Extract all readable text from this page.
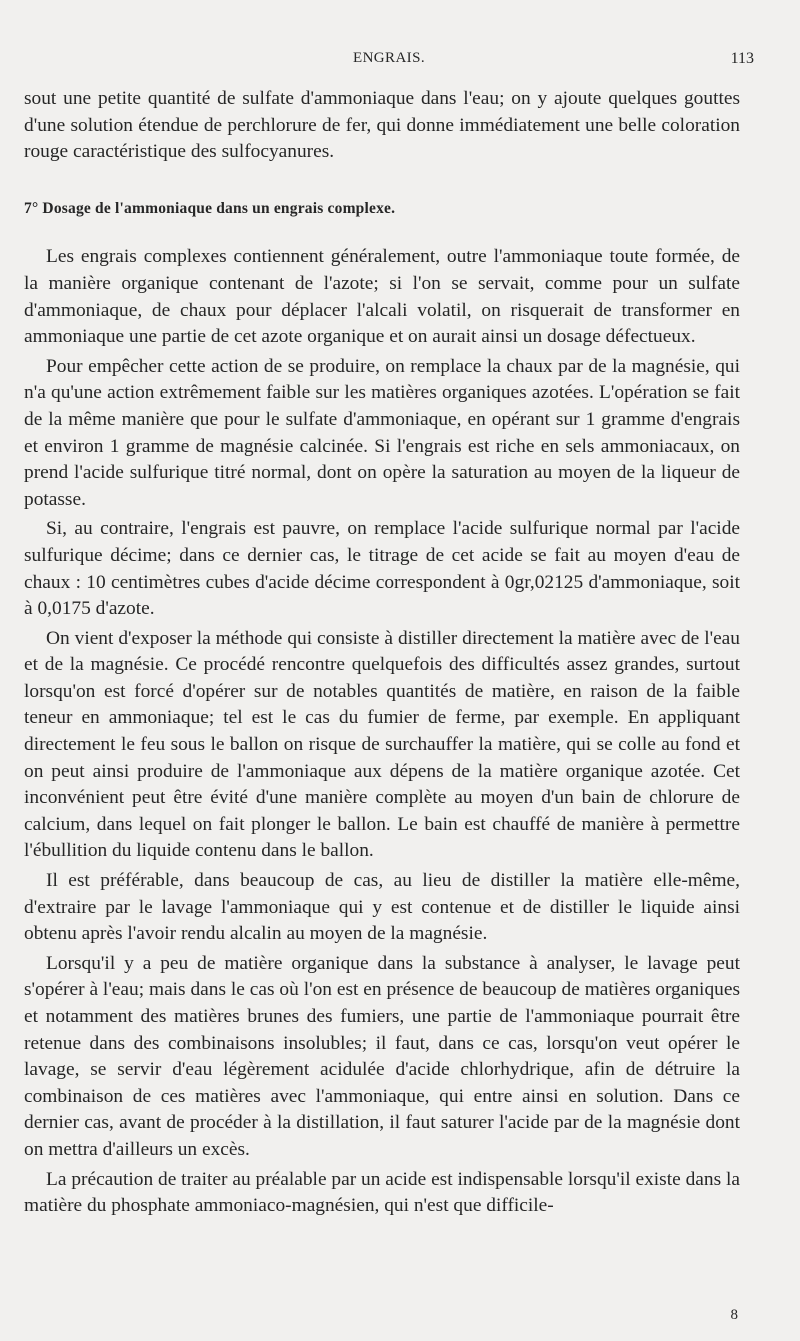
ENGRAIS.	113

sout une petite quantité de sulfate d'ammoniaque dans l'eau; on y ajoute quelques gouttes d'une solution étendue de perchlorure de fer, qui donne immédiatement une belle coloration rouge caractéristique des sulfocyanures.

7° Dosage de l'ammoniaque dans un engrais complexe.

Les engrais complexes contiennent généralement, outre l'ammoniaque toute formée, de la manière organique contenant de l'azote; si l'on se servait, comme pour un sulfate d'ammoniaque, de chaux pour déplacer l'alcali volatil, on risquerait de transformer en ammoniaque une partie de cet azote organique et on aurait ainsi un dosage défectueux.

Pour empêcher cette action de se produire, on remplace la chaux par de la magnésie, qui n'a qu'une action extrêmement faible sur les matières organiques azotées. L'opération se fait de la même manière que pour le sulfate d'ammoniaque, en opérant sur 1 gramme d'engrais et environ 1 gramme de magnésie calcinée. Si l'engrais est riche en sels ammoniacaux, on prend l'acide sulfurique titré normal, dont on opère la saturation au moyen de la liqueur de potasse.

Si, au contraire, l'engrais est pauvre, on remplace l'acide sulfurique normal par l'acide sulfurique décime; dans ce dernier cas, le titrage de cet acide se fait au moyen d'eau de chaux : 10 centimètres cubes d'acide décime correspondent à 0gr,02125 d'ammoniaque, soit à 0,0175 d'azote.

On vient d'exposer la méthode qui consiste à distiller directement la matière avec de l'eau et de la magnésie. Ce procédé rencontre quelquefois des difficultés assez grandes, surtout lorsqu'on est forcé d'opérer sur de notables quantités de matière, en raison de la faible teneur en ammoniaque; tel est le cas du fumier de ferme, par exemple. En appliquant directement le feu sous le ballon on risque de surchauffer la matière, qui se colle au fond et on peut ainsi produire de l'ammoniaque aux dépens de la matière organique azotée. Cet inconvénient peut être évité d'une manière complète au moyen d'un bain de chlorure de calcium, dans lequel on fait plonger le ballon. Le bain est chauffé de manière à permettre l'ébullition du liquide contenu dans le ballon.

Il est préférable, dans beaucoup de cas, au lieu de distiller la matière elle-même, d'extraire par le lavage l'ammoniaque qui y est contenue et de distiller le liquide ainsi obtenu après l'avoir rendu alcalin au moyen de la magnésie.

Lorsqu'il y a peu de matière organique dans la substance à analyser, le lavage peut s'opérer à l'eau; mais dans le cas où l'on est en présence de beaucoup de matières organiques et notamment des matières brunes des fumiers, une partie de l'ammoniaque pourrait être retenue dans des combinaisons insolubles; il faut, dans ce cas, lorsqu'on veut opérer le lavage, se servir d'eau légèrement acidulée d'acide chlorhydrique, afin de détruire la combinaison de ces matières avec l'ammoniaque, qui entre ainsi en solution. Dans ce dernier cas, avant de procéder à la distillation, il faut saturer l'acide par de la magnésie dont on mettra d'ailleurs un excès.

La précaution de traiter au préalable par un acide est indispensable lorsqu'il existe dans la matière du phosphate ammoniaco-magnésien, qui n'est que difficile-

8
